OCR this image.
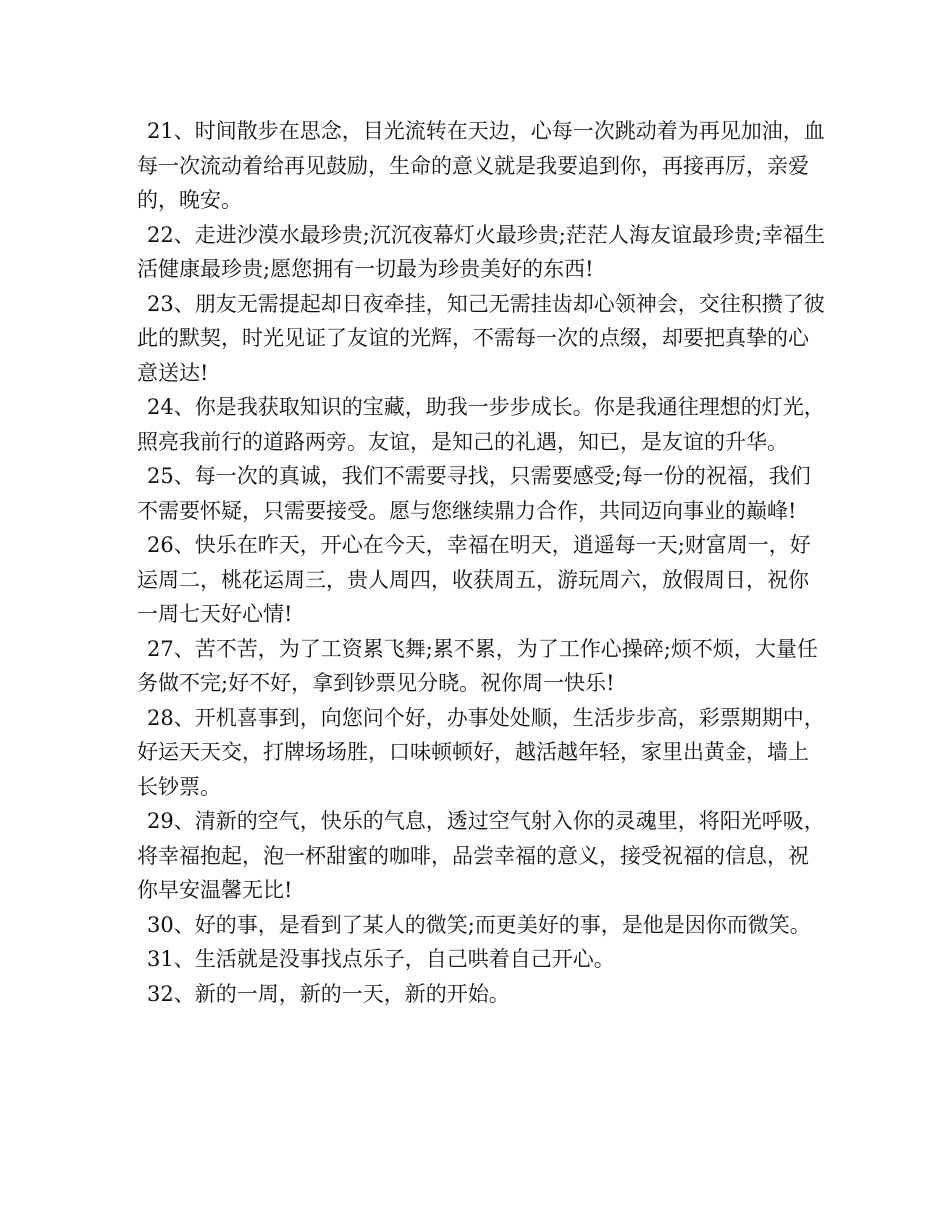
21、时间散步在思念，目光流转在天边，心每一次跳动着为再见加油，血每一次流动着给再见鼓励，生命的意义就是我要追到你，再接再厉，亲爱的，晚安。

22、走进沙漠水最珍贵;沉沉夜幕灯火最珍贵;茫茫人海友谊最珍贵;幸福生活健康最珍贵;愿您拥有一切最为珍贵美好的东西!

23、朋友无需提起却日夜牵挂，知己无需挂齿却心领神会，交往积攒了彼此的默契，时光见证了友谊的光辉，不需每一次的点缀，却要把真挚的心意送达!

24、你是我获取知识的宝藏，助我一步步成长。你是我通往理想的灯光，照亮我前行的道路两旁。友谊，是知己的礼遇，知已，是友谊的升华。

25、每一次的真诚，我们不需要寻找，只需要感受;每一份的祝福，我们不需要怀疑，只需要接受。愿与您继续鼎力合作，共同迈向事业的巅峰!

26、快乐在昨天，开心在今天，幸福在明天，逍遥每一天;财富周一，好运周二，桃花运周三，贵人周四，收获周五，游玩周六，放假周日，祝你一周七天好心情!

27、苦不苦，为了工资累飞舞;累不累，为了工作心操碎;烦不烦，大量任务做不完;好不好，拿到钞票见分晓。祝你周一快乐!

28、开机喜事到，向您问个好，办事处处顺，生活步步高，彩票期期中，好运天天交，打牌场场胜，口味顿顿好，越活越年轻，家里出黄金，墙上长钞票。

29、清新的空气，快乐的气息，透过空气射入你的灵魂里，将阳光呼吸，将幸福抱起，泡一杯甜蜜的咖啡，品尝幸福的意义，接受祝福的信息，祝你早安温馨无比!

30、好的事，是看到了某人的微笑;而更美好的事，是他是因你而微笑。

31、生活就是没事找点乐子，自己哄着自己开心。

32、新的一周，新的一天，新的开始。
